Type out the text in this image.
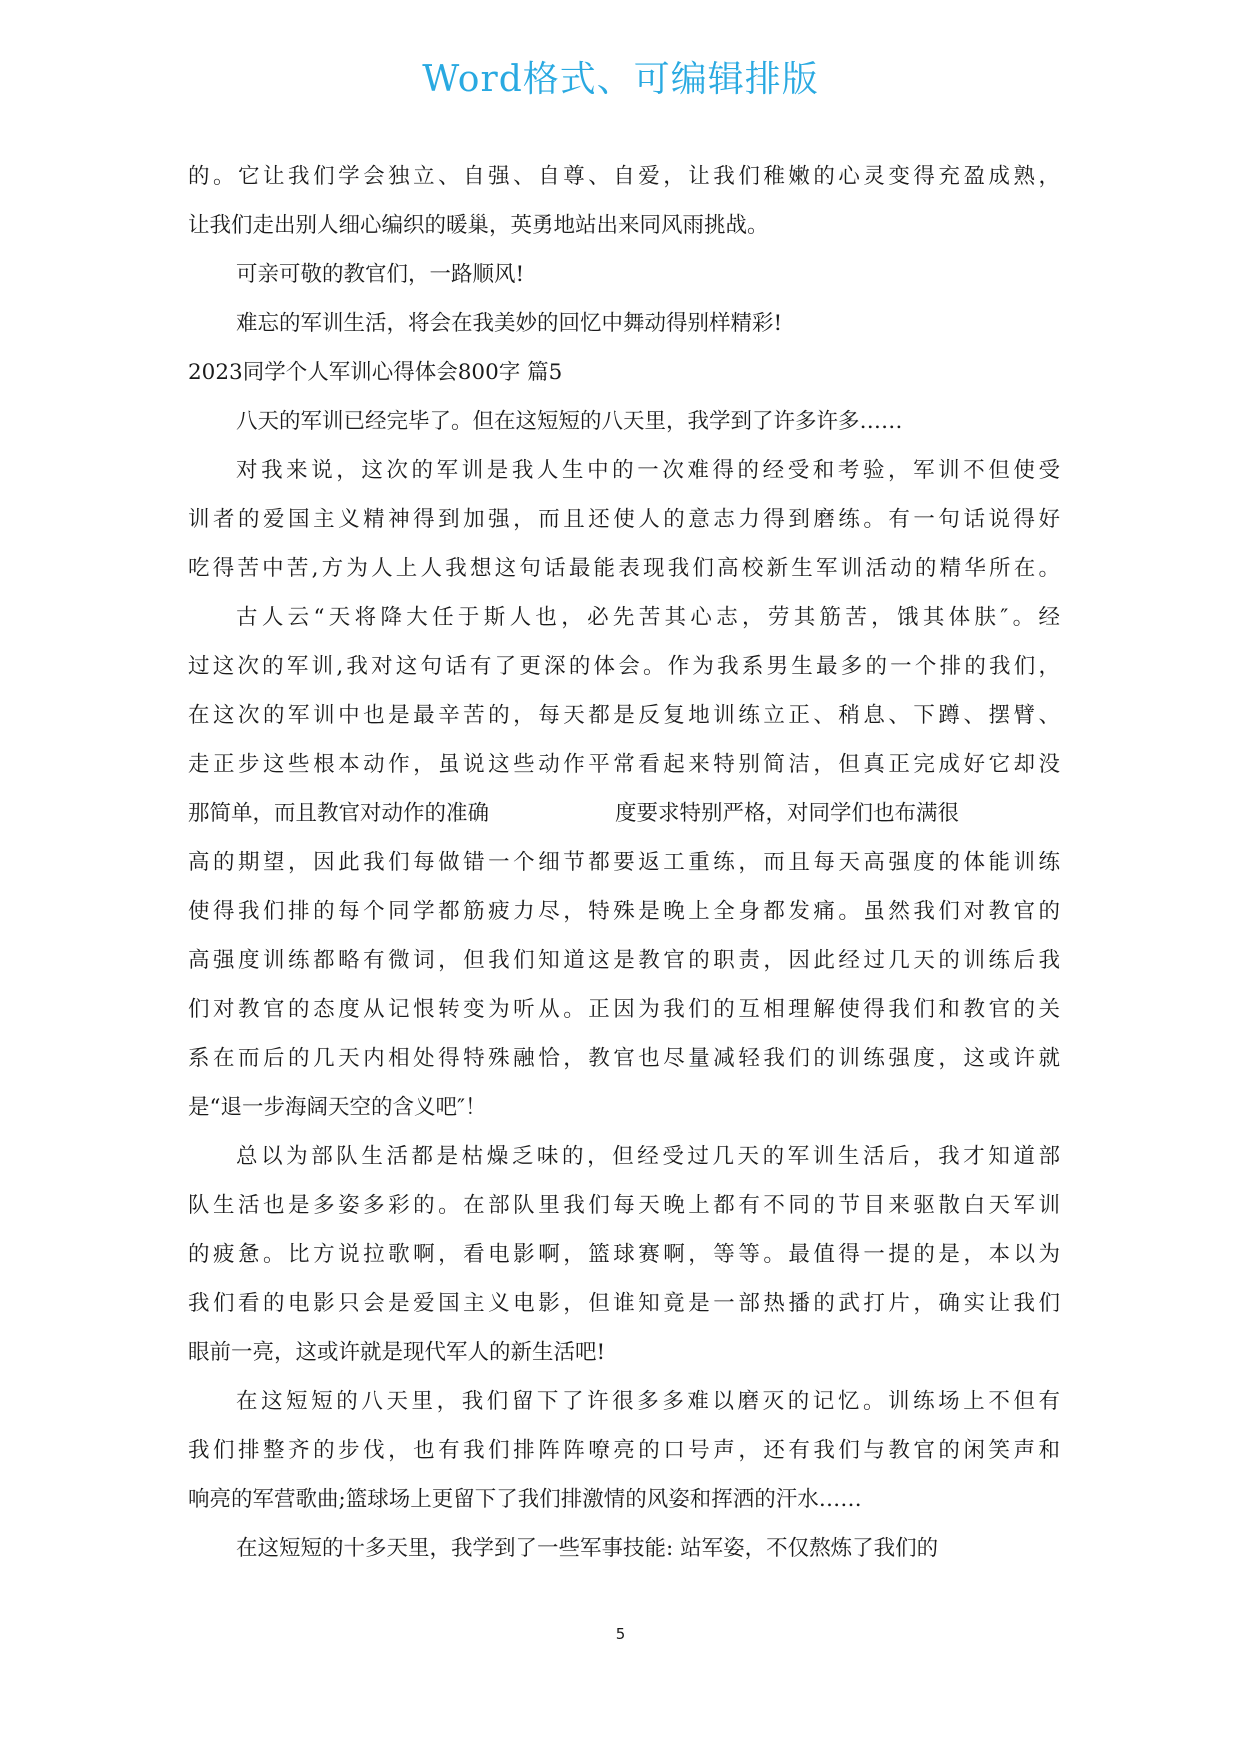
Word格式、可编辑排版
的。它让我们学会独立、自强、自尊、自爱，让我们稚嫩的心灵变得充盈成熟，
让我们走出别人细心编织的暖巢，英勇地站出来同风雨挑战。
可亲可敬的教官们，一路顺风!
难忘的军训生活，将会在我美妙的回忆中舞动得别样精彩!
2023同学个人军训心得体会800字 篇5
八天的军训已经完毕了。但在这短短的八天里，我学到了许多许多……
对我来说，这次的军训是我人生中的一次难得的经受和考验，军训不但使受
训者的爱国主义精神得到加强，而且还使人的意志力得到磨练。有一句话说得好
吃得苦中苦,方为人上人我想这句话最能表现我们高校新生军训活动的精华所在。
古人云“天将降大任于斯人也，必先苦其心志，劳其筋苦，饿其体肤″。经
过这次的军训,我对这句话有了更深的体会。作为我系男生最多的一个排的我们，
在这次的军训中也是最辛苦的，每天都是反复地训练立正、稍息、下蹲、摆臂、
走正步这些根本动作，虽说这些动作平常看起来特别简洁，但真正完成好它却没
那简单，而且教官对动作的准确	度要求特别严格，对同学们也布满很
高的期望，因此我们每做错一个细节都要返工重练，而且每天高强度的体能训练
使得我们排的每个同学都筋疲力尽，特殊是晚上全身都发痛。虽然我们对教官的
高强度训练都略有微词，但我们知道这是教官的职责，因此经过几天的训练后我
们对教官的态度从记恨转变为听从。正因为我们的互相理解使得我们和教官的关
系在而后的几天内相处得特殊融恰，教官也尽量减轻我们的训练强度，这或许就
是“退一步海阔天空的含义吧″！
总以为部队生活都是枯燥乏味的，但经受过几天的军训生活后，我才知道部
队生活也是多姿多彩的。在部队里我们每天晚上都有不同的节目来驱散白天军训
的疲惫。比方说拉歌啊，看电影啊，篮球赛啊，等等。最值得一提的是，本以为
我们看的电影只会是爱国主义电影，但谁知竟是一部热播的武打片，确实让我们
眼前一亮，这或许就是现代军人的新生活吧!
在这短短的八天里，我们留下了许很多多难以磨灭的记忆。训练场上不但有
我们排整齐的步伐，也有我们排阵阵嘹亮的口号声，还有我们与教官的闲笑声和
响亮的军营歌曲;篮球场上更留下了我们排激情的风姿和挥洒的汗水……
在这短短的十多天里，我学到了一些军事技能: 站军姿，不仅熬炼了我们的
5
